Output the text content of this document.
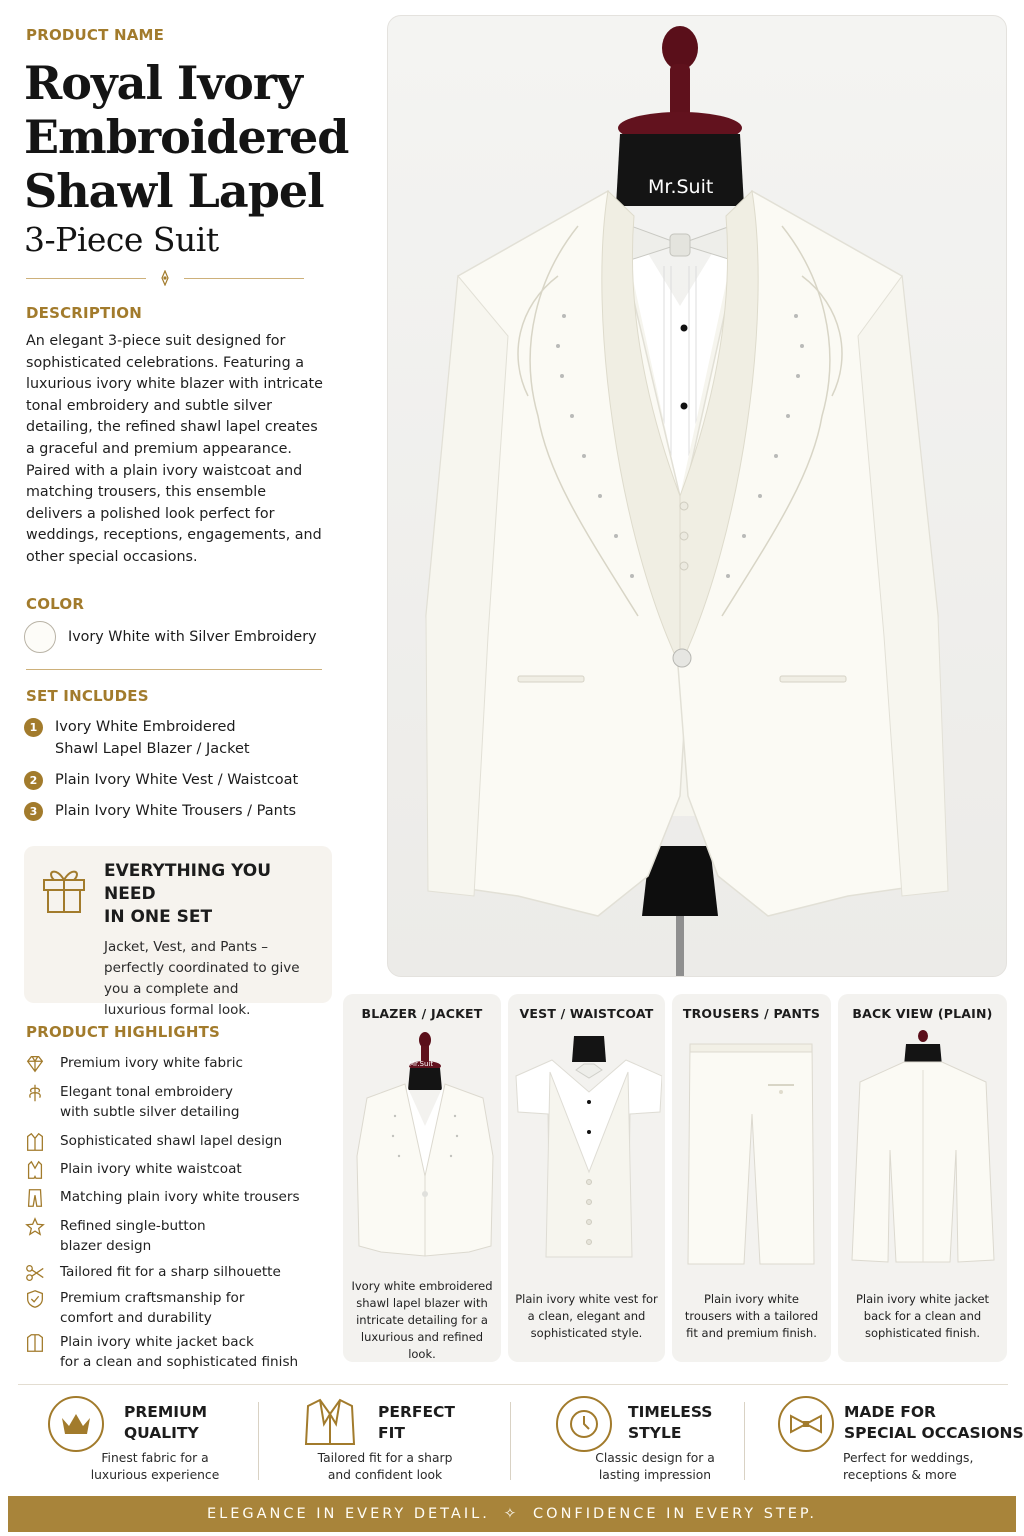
PRODUCT NAME
Royal Ivory
Embroidered
Shawl Lapel
3-Piece Suit
DESCRIPTION
An elegant 3-piece suit designed for sophisticated celebrations. Featuring a luxurious ivory white blazer with intricate tonal embroidery and subtle silver detailing, the refined shawl lapel creates a graceful and premium appearance. Paired with a plain ivory waistcoat and matching trousers, this ensemble delivers a polished look perfect for weddings, receptions, engagements, and other special occasions.
COLOR
Ivory White with Silver Embroidery
SET INCLUDES
1	Ivory White Embroidered
Shawl Lapel Blazer / Jacket
2	Plain Ivory White Vest / Waistcoat
3	Plain Ivory White Trousers / Pants
EVERYTHING YOU NEED
IN ONE SET
Jacket, Vest, and Pants – perfectly coordinated to give you a complete and luxurious formal look.
PRODUCT HIGHLIGHTS
Premium ivory white fabric
Elegant tonal embroidery
with subtle silver detailing
Sophisticated shawl lapel design
Plain ivory white waistcoat
Matching plain ivory white trousers
Refined single-button
blazer design
Tailored fit for a sharp silhouette
Premium craftsmanship for
comfort and durability
Plain ivory white jacket back
for a clean and sophisticated finish
Mr.Suit
BLAZER / JACKET
Mr.Suit
Ivory white embroidered shawl lapel blazer with intricate detailing for a luxurious and refined look.
VEST / WAISTCOAT
Plain ivory white vest for a clean, elegant and sophisticated style.
TROUSERS / PANTS
Plain ivory white trousers with a tailored fit and premium finish.
BACK VIEW (PLAIN)
Plain ivory white jacket back for a clean and sophisticated finish.
PREMIUM
QUALITY
Finest fabric for a
luxurious experience
PERFECT
FIT
Tailored fit for a sharp
and confident look
TIMELESS
STYLE
Classic design for a
lasting impression
MADE FOR
SPECIAL OCCASIONS
Perfect for weddings,
receptions & more
ELEGANCE IN EVERY DETAIL. ✧ CONFIDENCE IN EVERY STEP.
